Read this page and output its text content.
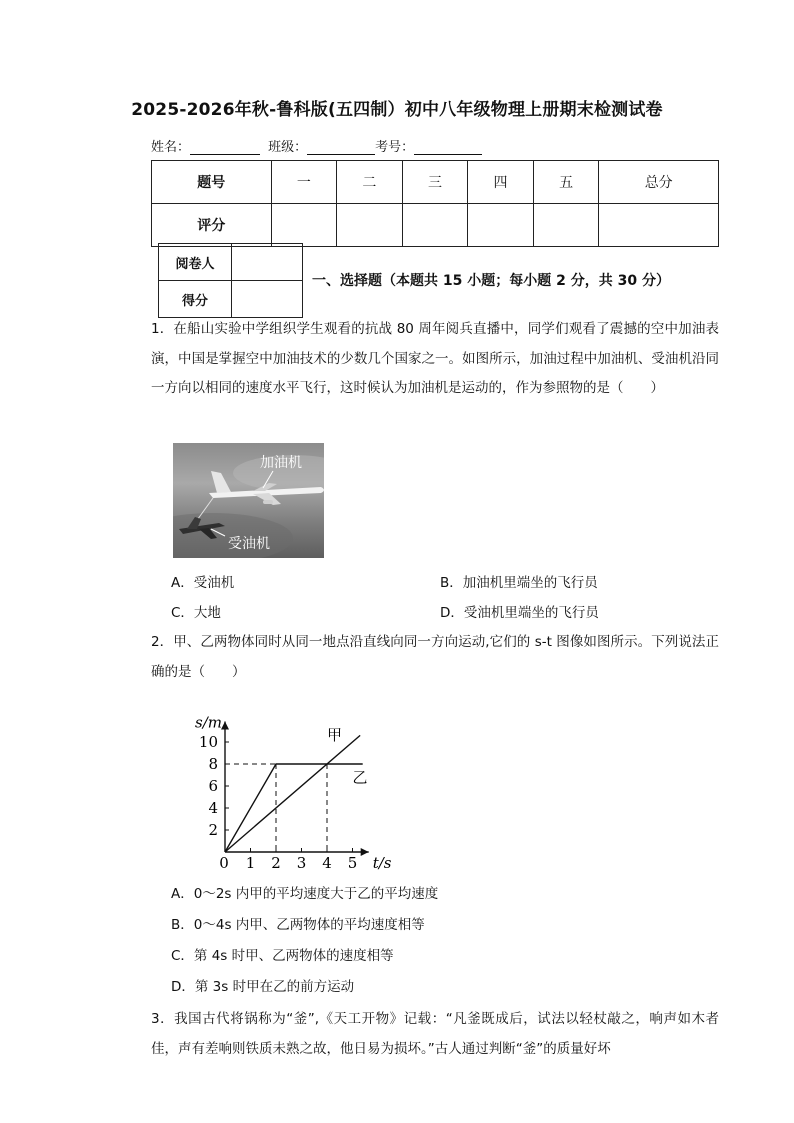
2025-2026年秋-鲁科版(五四制）初中八年级物理上册期末检测试卷
姓名：	班级：	考号：
题号	一	二	三	四	五	总分
评分						
阅卷人	
得分	
一、选择题（本题共 15 小题；每小题 2 分，共 30 分）
1．在船山实验中学组织学生观看的抗战 80 周年阅兵直播中，同学们观看了震撼的空中加油表演，中国是掌握空中加油技术的少数几个国家之一。如图所示，加油过程中加油机、受油机沿同一方向以相同的速度水平飞行，这时候认为加油机是运动的，作为参照物的是（　　）
加油机
受油机
A．受油机	B．加油机里端坐的飞行员
C．大地	D．受油机里端坐的飞行员
2．甲、乙两物体同时从同一地点沿直线向同一方向运动,它们的 s-t 图像如图所示。下列说法正确的是（　　）
0 1 2 3 4 5
2
4
6
8
10
s/m
t/s
甲
乙
A．0～2s 内甲的平均速度大于乙的平均速度
B．0～4s 内甲、乙两物体的平均速度相等
C．第 4s 时甲、乙两物体的速度相等
D．第 3s 时甲在乙的前方运动
3．我国古代将锅称为“釜”,《天工开物》记载：“凡釜既成后，试法以轻杖敲之，响声如木者佳，声有差响则铁质未熟之故，他日易为损坏。”古人通过判断“釜”的质量好坏
